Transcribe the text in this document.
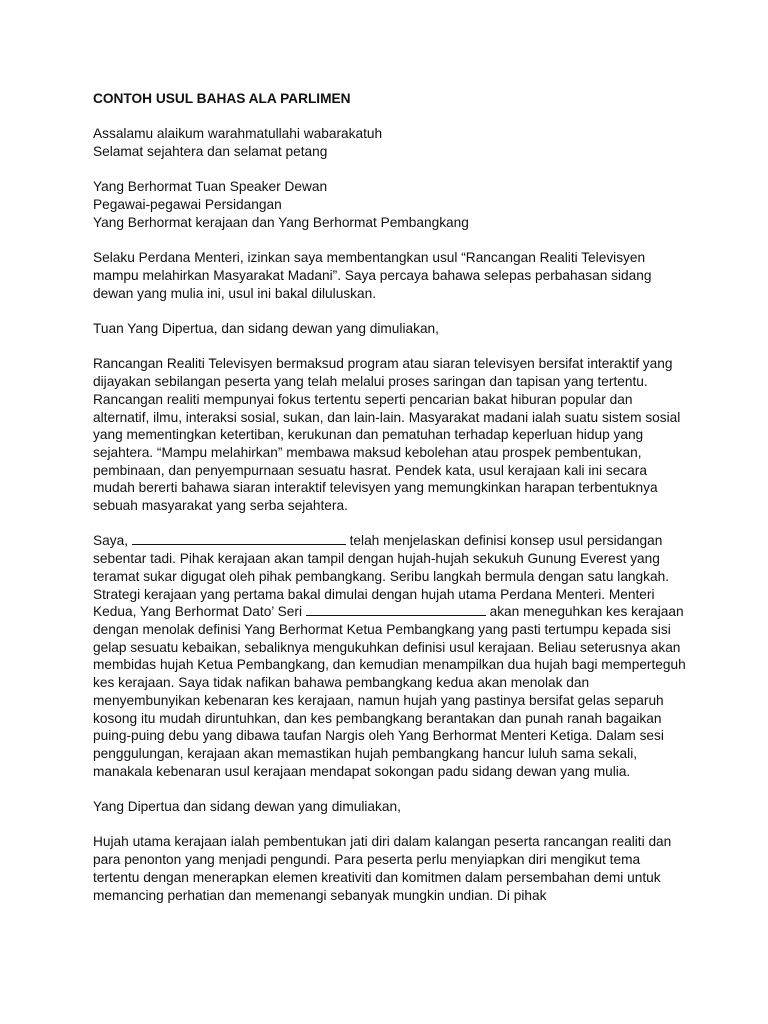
CONTOH USUL BAHAS ALA PARLIMEN
Assalamu alaikum warahmatullahi wabarakatuh
Selamat sejahtera dan selamat petang
Yang Berhormat Tuan Speaker Dewan
Pegawai-pegawai Persidangan
Yang Berhormat kerajaan dan Yang Berhormat Pembangkang

Selaku Perdana Menteri, izinkan saya membentangkan usul “Rancangan Realiti Televisyen mampu melahirkan Masyarakat Madani”. Saya percaya bahawa selepas perbahasan sidang dewan yang mulia ini, usul ini bakal diluluskan.

Tuan Yang Dipertua, dan sidang dewan yang dimuliakan,

Rancangan Realiti Televisyen bermaksud program atau siaran televisyen bersifat interaktif yang dijayakan sebilangan peserta yang telah melalui proses saringan dan tapisan yang tertentu. Rancangan realiti mempunyai fokus tertentu seperti pencarian bakat hiburan popular dan alternatif, ilmu, interaksi sosial, sukan, dan lain-lain. Masyarakat madani ialah suatu sistem sosial yang mementingkan ketertiban, kerukunan dan pematuhan terhadap keperluan hidup yang sejahtera. “Mampu melahirkan” membawa maksud kebolehan atau prospek pembentukan, pembinaan, dan penyempurnaan sesuatu hasrat. Pendek kata, usul kerajaan kali ini secara mudah bererti bahawa siaran interaktif televisyen yang memungkinkan harapan terbentuknya sebuah masyarakat yang serba sejahtera.

Saya,	telah menjelaskan definisi konsep usul persidangan sebentar tadi. Pihak kerajaan akan tampil dengan hujah-hujah sekukuh Gunung Everest yang teramat sukar digugat oleh pihak pembangkang. Seribu langkah bermula dengan satu langkah. Strategi kerajaan yang pertama bakal dimulai dengan hujah utama Perdana Menteri. Menteri Kedua, Yang Berhormat Dato’ Seri	akan meneguhkan kes kerajaan dengan menolak definisi Yang Berhormat Ketua Pembangkang yang pasti tertumpu kepada sisi gelap sesuatu kebaikan, sebaliknya mengukuhkan definisi usul kerajaan. Beliau seterusnya akan membidas hujah Ketua Pembangkang, dan kemudian menampilkan dua hujah bagi memperteguh kes kerajaan. Saya tidak nafikan bahawa pembangkang kedua akan menolak dan menyembunyikan kebenaran kes kerajaan, namun hujah yang pastinya bersifat gelas separuh kosong itu mudah diruntuhkan, dan kes pembangkang berantakan dan punah ranah bagaikan puing-puing debu yang dibawa taufan Nargis oleh Yang Berhormat Menteri Ketiga. Dalam sesi penggulungan, kerajaan akan memastikan hujah pembangkang hancur luluh sama sekali, manakala kebenaran usul kerajaan mendapat sokongan padu sidang dewan yang mulia.

Yang Dipertua dan sidang dewan yang dimuliakan,

Hujah utama kerajaan ialah pembentukan jati diri dalam kalangan peserta rancangan realiti dan para penonton yang menjadi pengundi. Para peserta perlu menyiapkan diri mengikut tema tertentu dengan menerapkan elemen kreativiti dan komitmen dalam persembahan demi untuk memancing perhatian dan memenangi sebanyak mungkin undian. Di pihak
